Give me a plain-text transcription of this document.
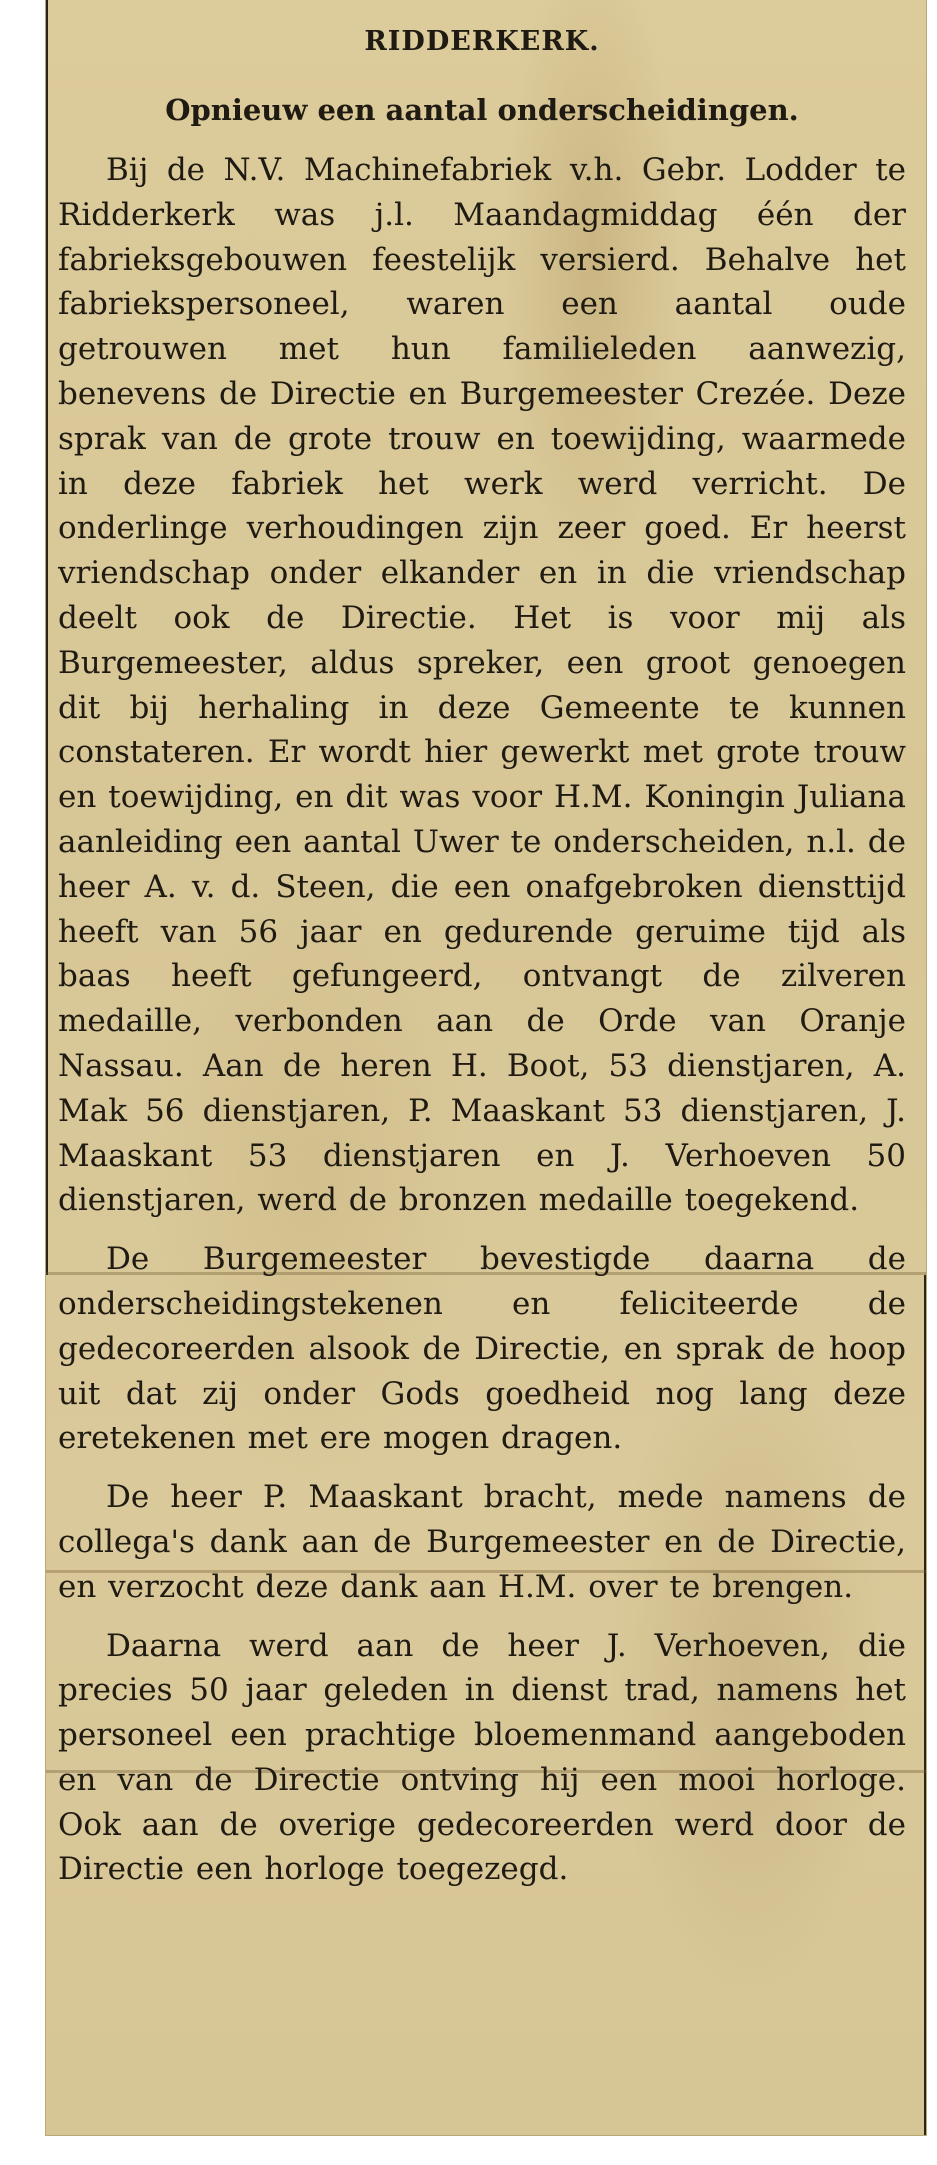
RIDDERKERK.
Opnieuw een aantal onderscheidingen.

Bij de N.V. Machinefabriek v.h. Gebr. Lodder te Ridderkerk was j.l. Maandagmiddag één der fabrieksgebouwen feestelijk versierd. Behalve het fabriekspersoneel, waren een aantal oude getrouwen met hun familieleden aanwezig, benevens de Directie en Burgemeester Crezée. Deze sprak van de grote trouw en toewijding, waarmede in deze fabriek het werk werd verricht. De onderlinge verhoudingen zijn zeer goed. Er heerst vriendschap onder elkander en in die vriendschap deelt ook de Directie. Het is voor mij als Burgemeester, aldus spreker, een groot genoegen dit bij herhaling in deze Gemeente te kunnen constateren. Er wordt hier gewerkt met grote trouw en toewijding, en dit was voor H.M. Koningin Juliana aanleiding een aantal Uwer te onderscheiden, n.l. de heer A. v. d. Steen, die een onafgebroken diensttijd heeft van 56 jaar en gedurende geruime tijd als baas heeft gefungeerd, ontvangt de zilveren medaille, verbonden aan de Orde van Oranje Nassau. Aan de heren H. Boot, 53 dienstjaren, A. Mak 56 dienstjaren, P. Maaskant 53 dienstjaren, J. Maaskant 53 dienstjaren en J. Verhoeven 50 dienstjaren, werd de bronzen medaille toegekend.

De Burgemeester bevestigde daarna de onderscheidingstekenen en feliciteerde de gedecoreerden alsook de Directie, en sprak de hoop uit dat zij onder Gods goedheid nog lang deze eretekenen met ere mogen dragen.

De heer P. Maaskant bracht, mede namens de collega's dank aan de Burgemeester en de Directie, en verzocht deze dank aan H.M. over te brengen.

Daarna werd aan de heer J. Verhoeven, die precies 50 jaar geleden in dienst trad, namens het personeel een prachtige bloemenmand aangeboden en van de Directie ontving hij een mooi horloge. Ook aan de overige gedecoreerden werd door de Directie een horloge toegezegd.
